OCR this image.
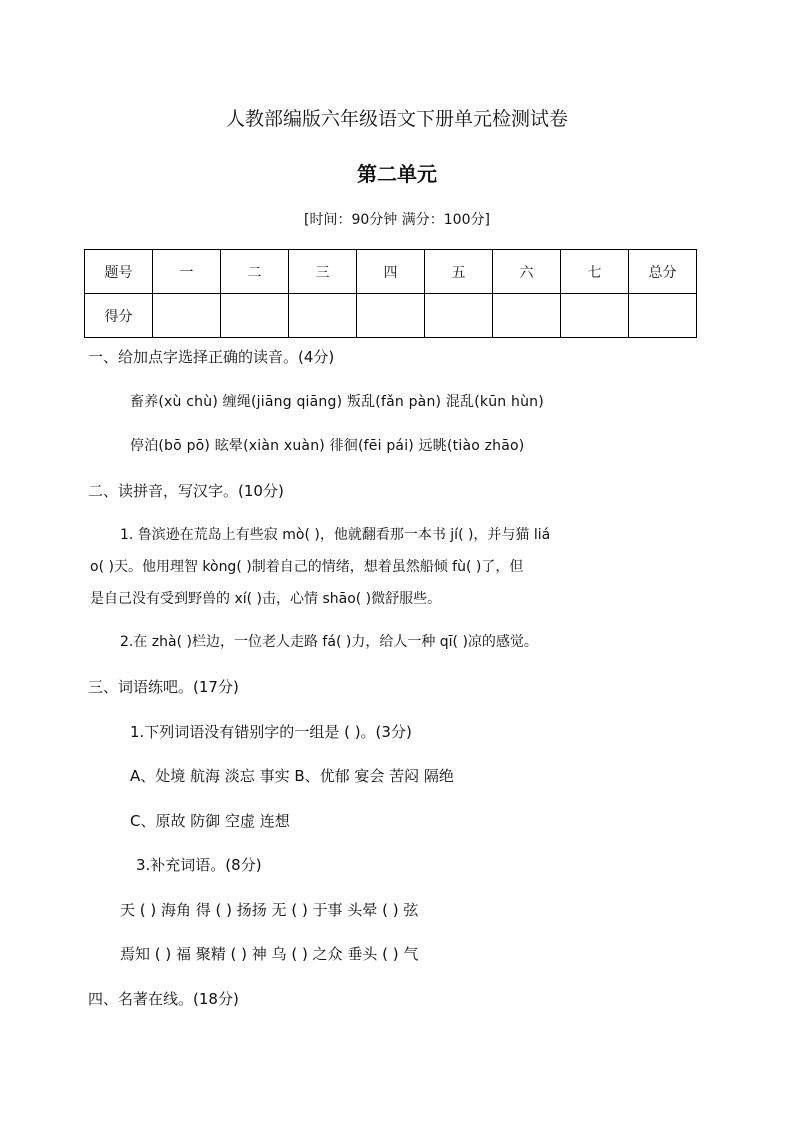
人教部编版六年级语文下册单元检测试卷
第二单元
[时间：90分钟 满分：100分]
题号	一	二	三	四	五	六	七	总分
得分								
一、给加点字选择正确的读音。(4分)
畜养(xù chù) 缠绳(jiāng qiāng) 叛乱(fǎn pàn) 混乱(kūn hùn)
停泊(bō pō) 眩晕(xiàn xuàn) 徘徊(fēi pái) 远眺(tiào zhāo)
二、读拼音，写汉字。(10分)
1. 鲁滨逊在荒岛上有些寂 mò( )，他就翻看那一本书 jí( )，并与猫 liá
o( )天。他用理智 kòng( )制着自己的情绪，想着虽然船倾 fù( )了，但
是自己没有受到野兽的 xí( )击，心情 shāo( )微舒服些。
2.在 zhà( )栏边，一位老人走路 fá( )力，给人一种 qī( )凉的感觉。
三、词语练吧。(17分)
1.下列词语没有错别字的一组是 ( )。(3分)
A、处境 航海 淡忘 事实 B、优郁 宴会 苦闷 隔绝
C、原故 防御 空虚 连想
3.补充词语。(8分)
天 ( ) 海角 得 ( ) 扬扬 无 ( ) 于事 头晕 ( ) 弦
焉知 ( ) 福 聚精 ( ) 神 乌 ( ) 之众 垂头 ( ) 气
四、名著在线。(18分)
